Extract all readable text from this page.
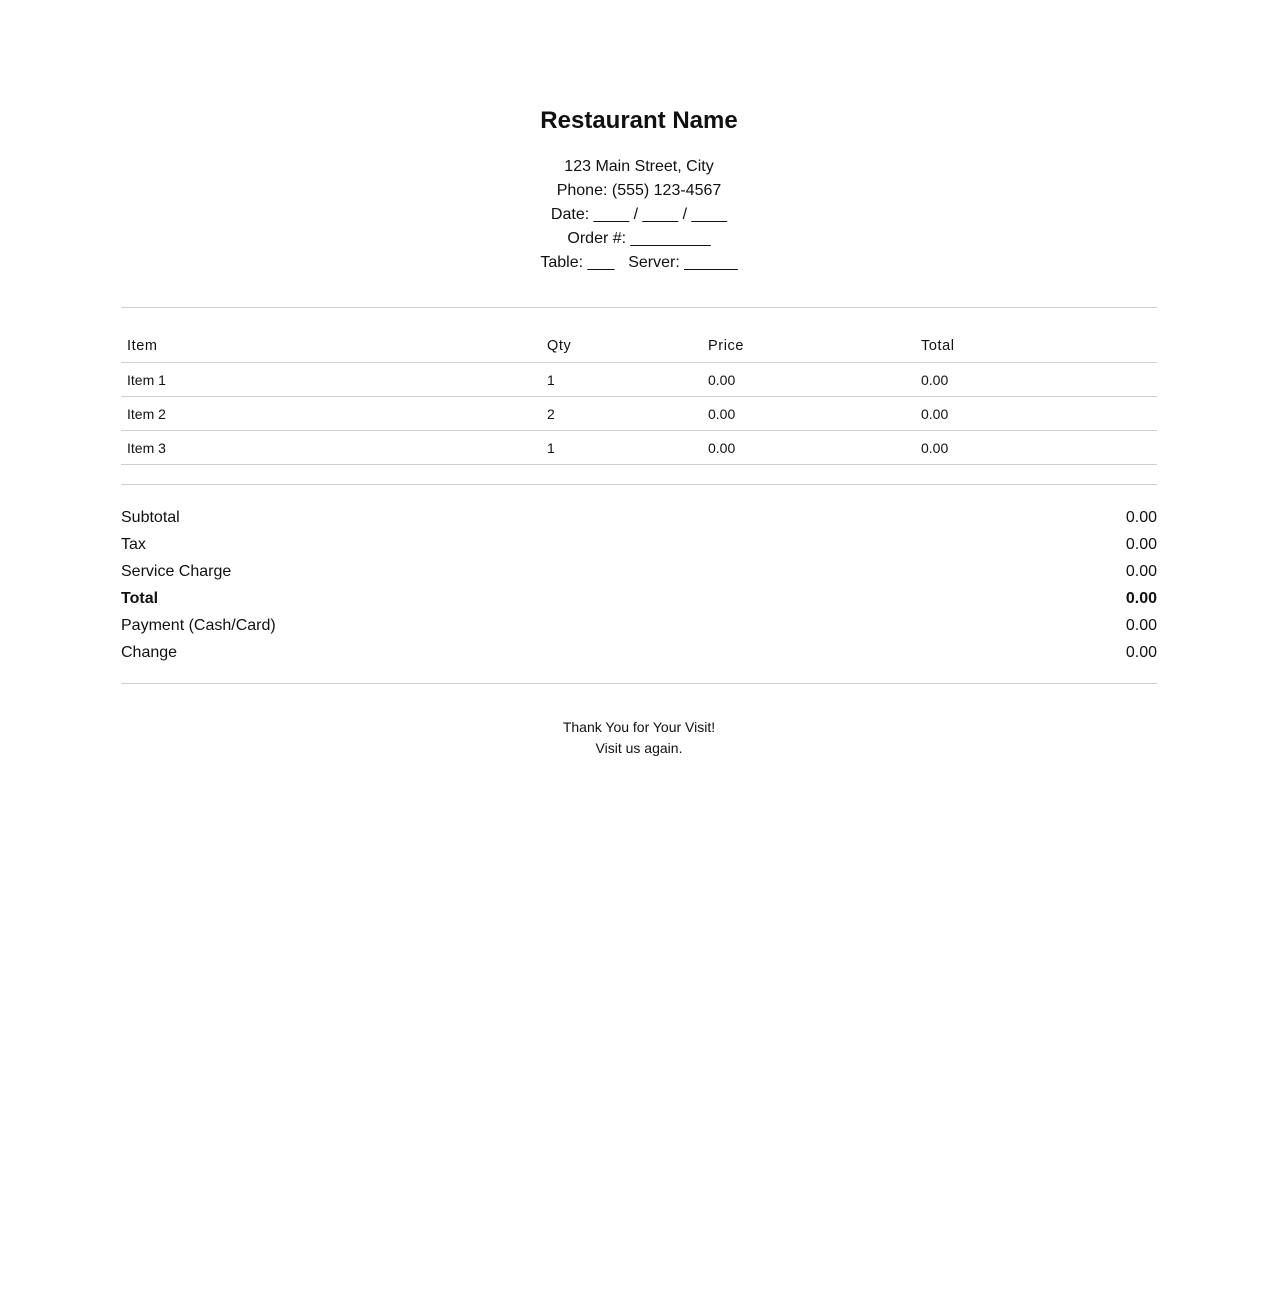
Restaurant Name
123 Main Street, City
Phone: (555) 123-4567
Date: ____ / ____ / ____
Order #: _________
Table: ___ Server: ______
Item	Qty	Price	Total
Item 1	1	0.00	0.00
Item 2	2	0.00	0.00
Item 3	1	0.00	0.00
Subtotal	0.00
Tax	0.00
Service Charge	0.00
Total	0.00
Payment (Cash/Card)	0.00
Change	0.00
Thank You for Your Visit!
Visit us again.
